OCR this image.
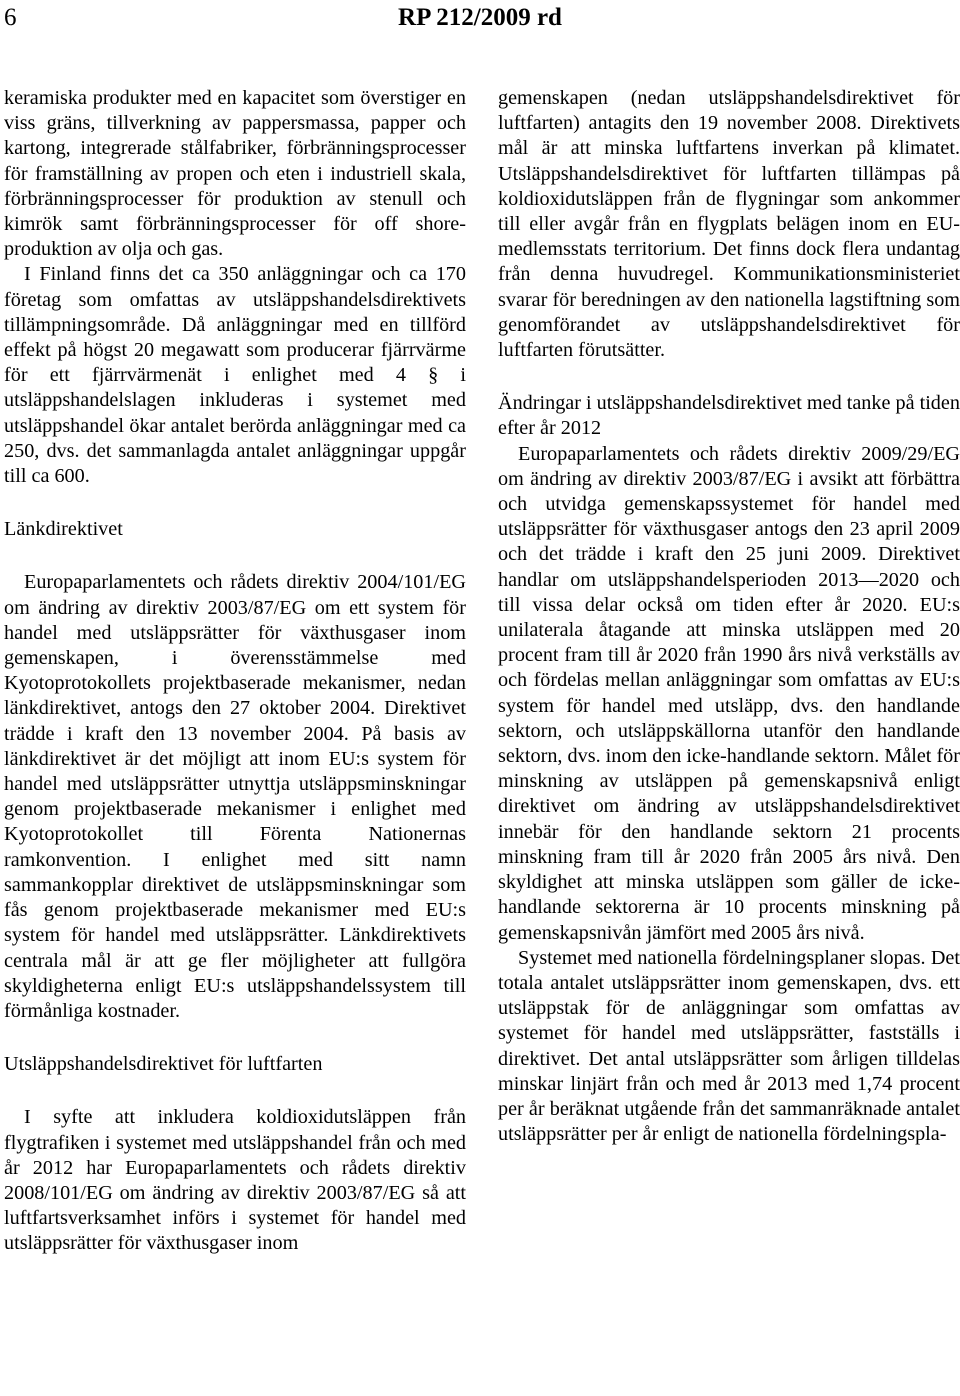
6	RP 212/2009 rd

keramiska produkter med en kapacitet som överstiger en viss gräns, tillverkning av pappersmassa, papper och kartong, integrerade stålfabriker, förbränningsprocesser för framställning av propen och eten i industriell skala, förbränningsprocesser för produktion av stenull och kimrök samt förbränningsprocesser för off shore-produktion av olja och gas.

I Finland finns det ca 350 anläggningar och ca 170 företag som omfattas av utsläppshandelsdirektivets tillämpningsområde. Då anläggningar med en tillförd effekt på högst 20 megawatt som producerar fjärrvärme för ett fjärrvärmenät i enlighet med 4 § i utsläppshandelslagen inkluderas i systemet med utsläppshandel ökar antalet berörda anläggningar med ca 250, dvs. det sammanlagda antalet anläggningar uppgår till ca 600.

Länkdirektivet

Europaparlamentets och rådets direktiv 2004/101/EG om ändring av direktiv 2003/87/EG om ett system för handel med utsläppsrätter för växthusgaser inom gemenskapen, i överensstämmelse med Kyotoprotokollets projektbaserade mekanismer, nedan länkdirektivet, antogs den 27 oktober 2004. Direktivet trädde i kraft den 13 november 2004. På basis av länkdirektivet är det möjligt att inom EU:s system för handel med utsläppsrätter utnyttja utsläppsminskningar genom projektbaserade mekanismer i enlighet med Kyotoprotokollet till Förenta Nationernas ramkonvention. I enlighet med sitt namn sammankopplar direktivet de utsläppsminskningar som fås genom projektbaserade mekanismer med EU:s system för handel med utsläppsrätter. Länkdirektivets centrala mål är att ge fler möjligheter att fullgöra skyldigheterna enligt EU:s utsläppshandelssystem till förmånliga kostnader.

Utsläppshandelsdirektivet för luftfarten

I syfte att inkludera koldioxidutsläppen från flygtrafiken i systemet med utsläppshandel från och med år 2012 har Europaparlamentets och rådets direktiv 2008/101/EG om ändring av direktiv 2003/87/EG så att luftfartsverksamhet införs i systemet för handel med utsläppsrätter för växthusgaser inom

gemenskapen (nedan utsläppshandelsdirektivet för luftfarten) antagits den 19 november 2008. Direktivets mål är att minska luftfartens inverkan på klimatet. Utsläppshandelsdirektivet för luftfarten tillämpas på koldioxidutsläppen från de flygningar som ankommer till eller avgår från en flygplats belägen inom en EU-medlemsstats territorium. Det finns dock flera undantag från denna huvudregel. Kommunikationsministeriet svarar för beredningen av den nationella lagstiftning som genomförandet av utsläppshandelsdirektivet för luftfarten förutsätter.

Ändringar i utsläppshandelsdirektivet med tanke på tiden efter år 2012

Europaparlamentets och rådets direktiv 2009/29/EG om ändring av direktiv 2003/87/EG i avsikt att förbättra och utvidga gemenskapssystemet för handel med utsläppsrätter för växthusgaser antogs den 23 april 2009 och det trädde i kraft den 25 juni 2009. Direktivet handlar om utsläppshandelsperioden 2013—2020 och till vissa delar också om tiden efter år 2020. EU:s unilaterala åtagande att minska utsläppen med 20 procent fram till år 2020 från 1990 års nivå verkställs av och fördelas mellan anläggningar som omfattas av EU:s system för handel med utsläpp, dvs. den handlande sektorn, och utsläppskällorna utanför den handlande sektorn, dvs. inom den icke-handlande sektorn. Målet för minskning av utsläppen på gemenskapsnivå enligt direktivet om ändring av utsläppshandelsdirektivet innebär för den handlande sektorn 21 procents minskning fram till år 2020 från 2005 års nivå. Den skyldighet att minska utsläppen som gäller de icke-handlande sektorerna är 10 procents minskning på gemenskapsnivån jämfört med 2005 års nivå.

Systemet med nationella fördelningsplaner slopas. Det totala antalet utsläppsrätter inom gemenskapen, dvs. ett utsläppstak för de anläggningar som omfattas av systemet för handel med utsläppsrätter, fastställs i direktivet. Det antal utsläppsrätter som årligen tilldelas minskar linjärt från och med år 2013 med 1,74 procent per år beräknat utgående från det sammanräknade antalet utsläppsrätter per år enligt de nationella fördelningspla-
